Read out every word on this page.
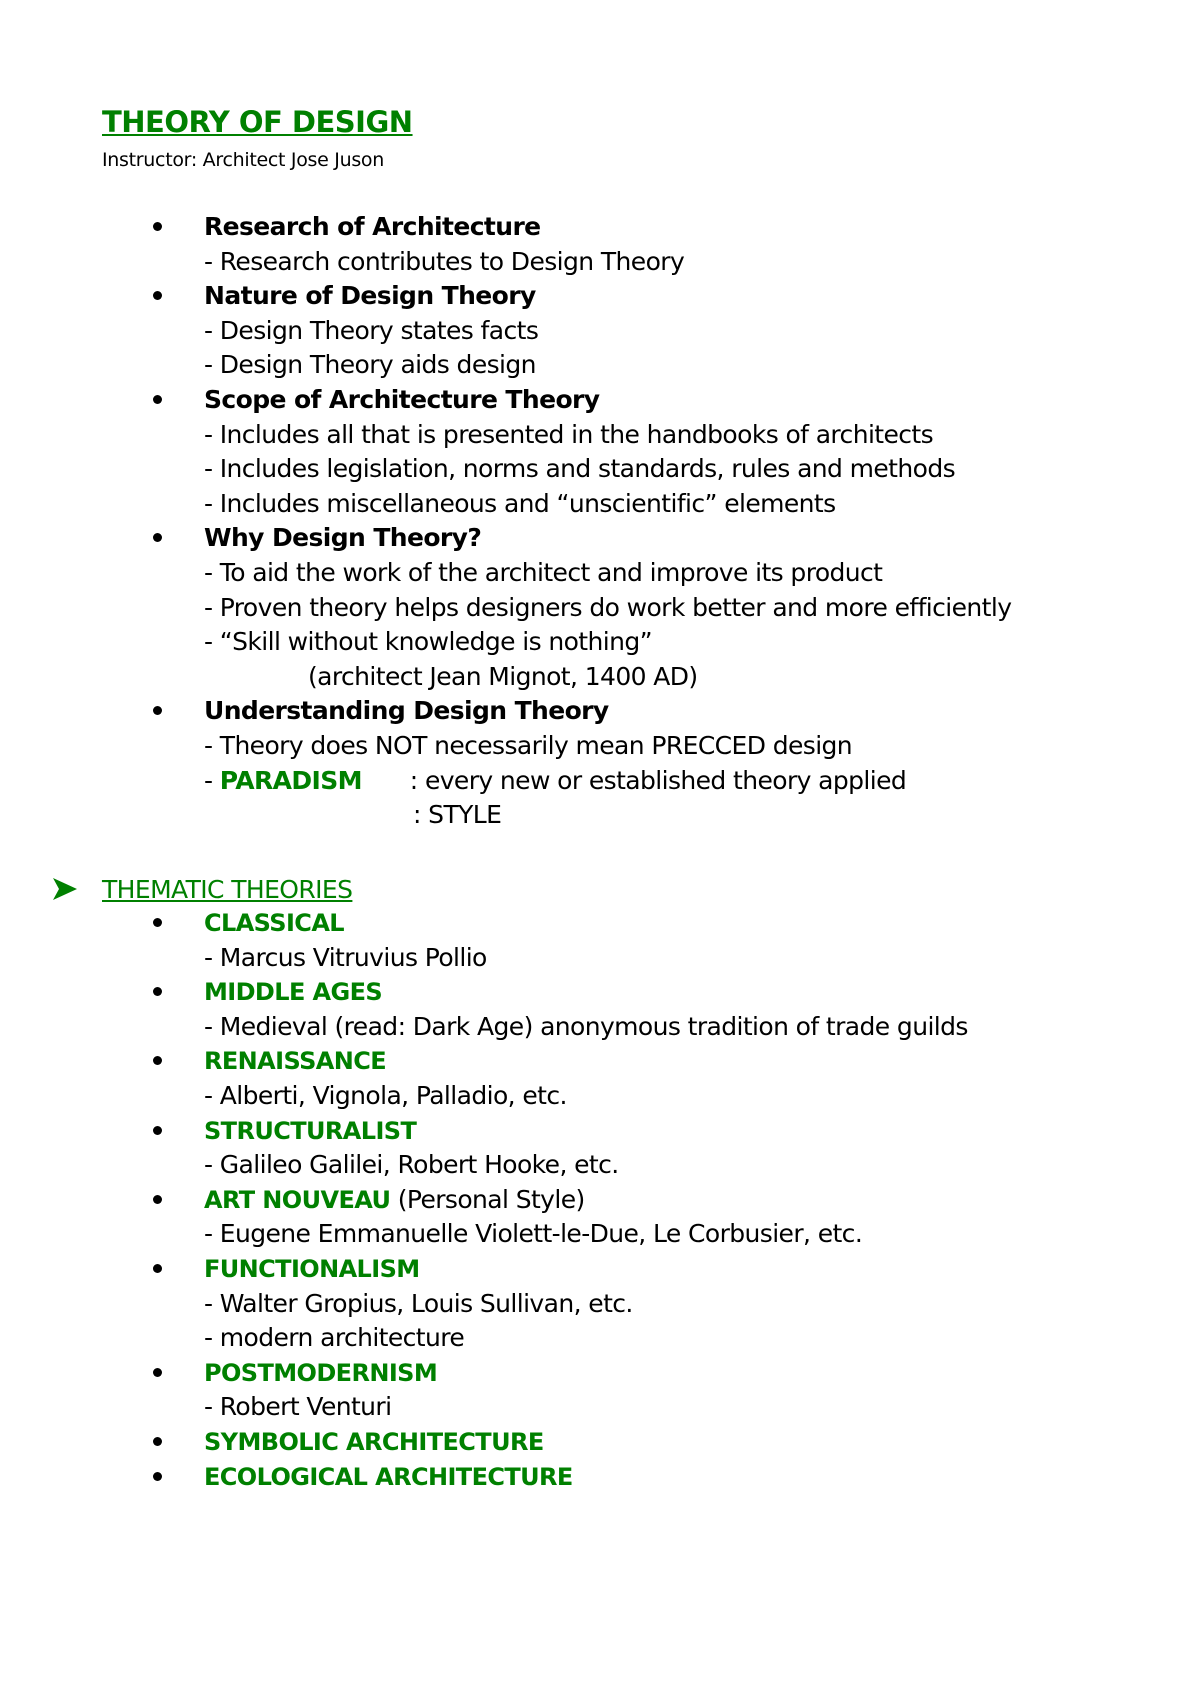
THEORY OF DESIGN
Instructor: Architect Jose Juson
Research of Architecture
- Research contributes to Design Theory
Nature of Design Theory
- Design Theory states facts
- Design Theory aids design
Scope of Architecture Theory
- Includes all that is presented in the handbooks of architects
- Includes legislation, norms and standards, rules and methods
- Includes miscellaneous and “unscientific” elements
Why Design Theory?
- To aid the work of the architect and improve its product
- Proven theory helps designers do work better and more efficiently
- “Skill without knowledge is nothing”
(architect Jean Mignot, 1400 AD)
Understanding Design Theory
- Theory does NOT necessarily mean PRECCED design
- PARADISM : every new or established theory applied
: STYLE
THEMATIC THEORIES
CLASSICAL
- Marcus Vitruvius Pollio
MIDDLE AGES
- Medieval (read: Dark Age) anonymous tradition of trade guilds
RENAISSANCE
- Alberti, Vignola, Palladio, etc.
STRUCTURALIST
- Galileo Galilei, Robert Hooke, etc.
ART NOUVEAU (Personal Style)
- Eugene Emmanuelle Violett-le-Due, Le Corbusier, etc.
FUNCTIONALISM
- Walter Gropius, Louis Sullivan, etc.
- modern architecture
POSTMODERNISM
- Robert Venturi
SYMBOLIC ARCHITECTURE
ECOLOGICAL ARCHITECTURE
